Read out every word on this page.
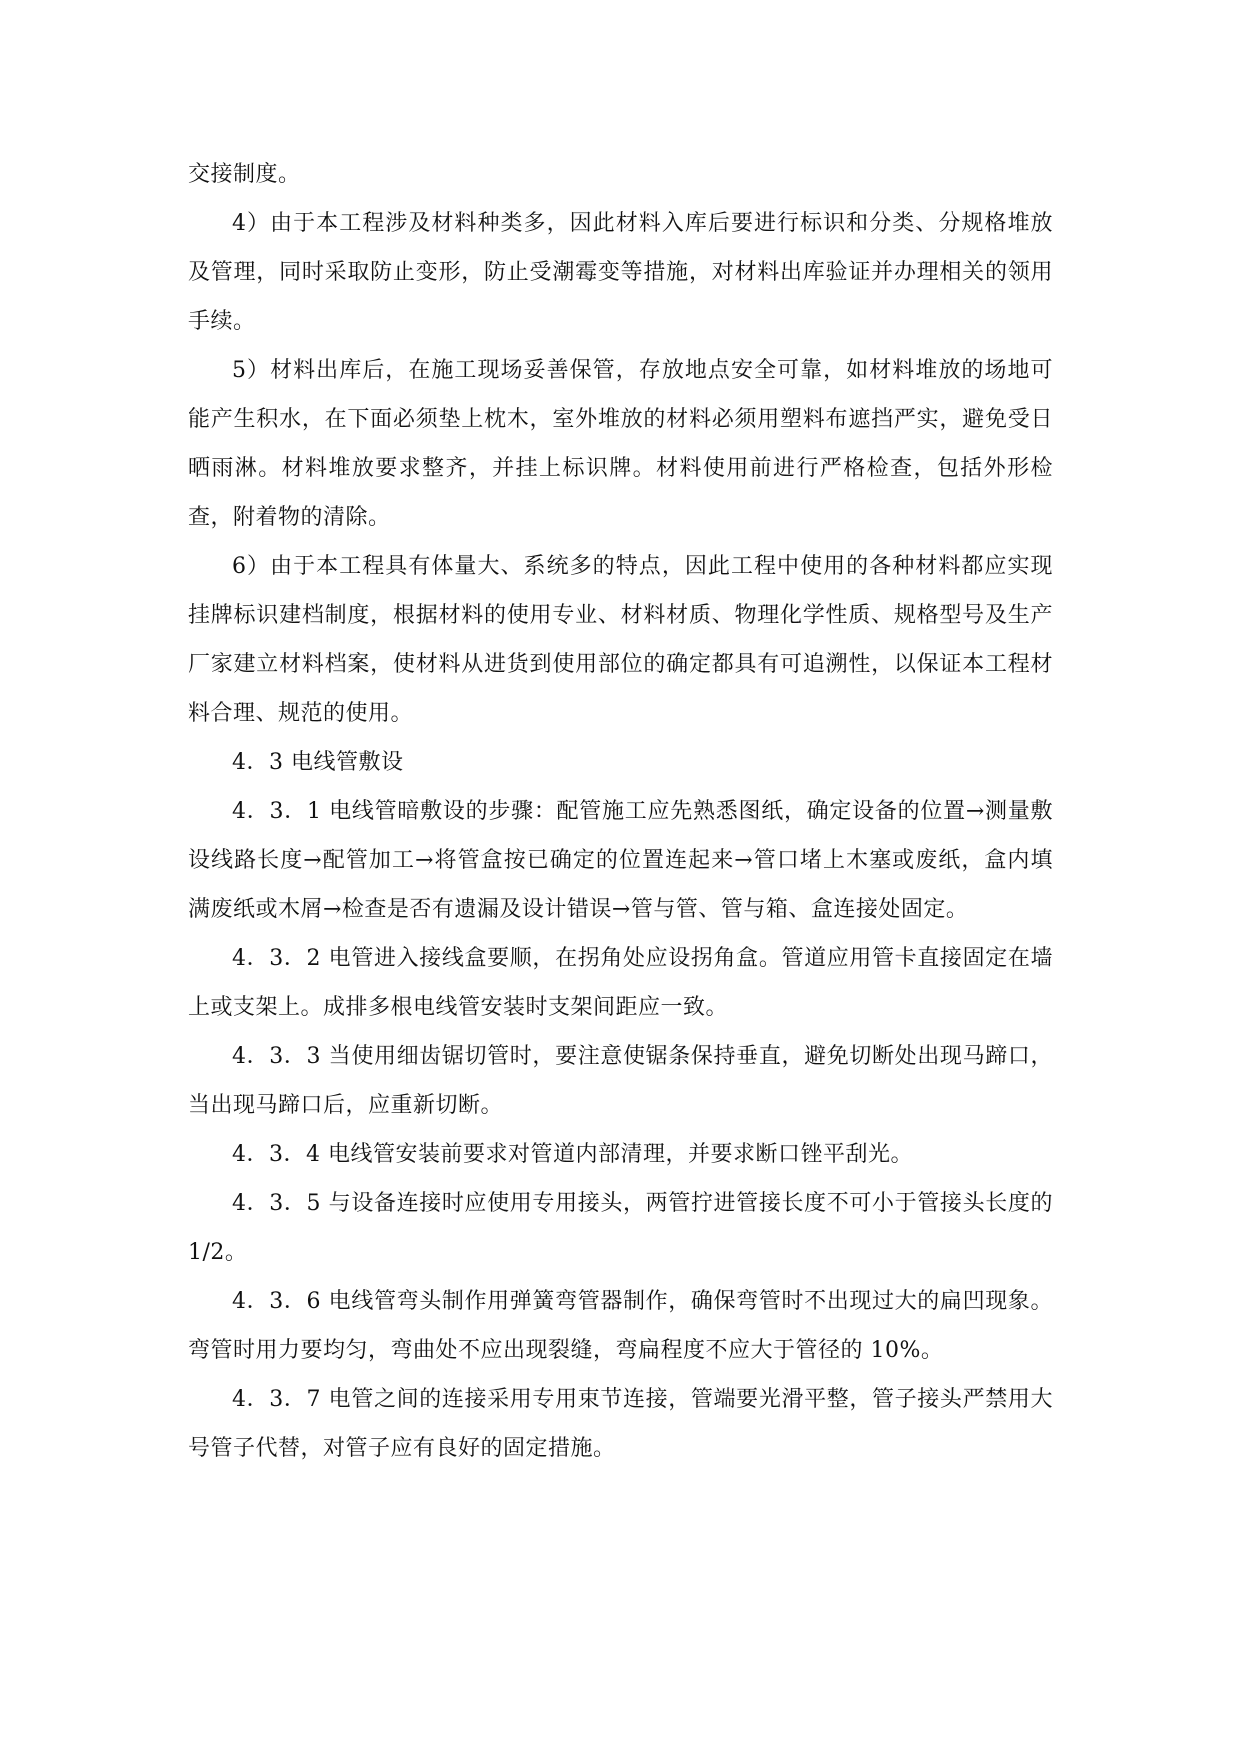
交接制度。

4）由于本工程涉及材料种类多，因此材料入库后要进行标识和分类、分规格堆放及管理，同时采取防止变形，防止受潮霉变等措施，对材料出库验证并办理相关的领用手续。

5）材料出库后，在施工现场妥善保管，存放地点安全可靠，如材料堆放的场地可能产生积水，在下面必须垫上枕木，室外堆放的材料必须用塑料布遮挡严实，避免受日晒雨淋。材料堆放要求整齐，并挂上标识牌。材料使用前进行严格检查，包括外形检查，附着物的清除。

6）由于本工程具有体量大、系统多的特点，因此工程中使用的各种材料都应实现挂牌标识建档制度，根据材料的使用专业、材料材质、物理化学性质、规格型号及生产厂家建立材料档案，使材料从进货到使用部位的确定都具有可追溯性，以保证本工程材料合理、规范的使用。

4．3 电线管敷设

4．3．1 电线管暗敷设的步骤：配管施工应先熟悉图纸，确定设备的位置→测量敷设线路长度→配管加工→将管盒按已确定的位置连起来→管口堵上木塞或废纸，盒内填满废纸或木屑→检查是否有遗漏及设计错误→管与管、管与箱、盒连接处固定。

4．3．2 电管进入接线盒要顺，在拐角处应设拐角盒。管道应用管卡直接固定在墙上或支架上。成排多根电线管安装时支架间距应一致。

4．3．3 当使用细齿锯切管时，要注意使锯条保持垂直，避免切断处出现马蹄口，当出现马蹄口后，应重新切断。

4．3．4 电线管安装前要求对管道内部清理，并要求断口锉平刮光。

4．3．5 与设备连接时应使用专用接头，两管拧进管接长度不可小于管接头长度的 1/2。

4．3．6 电线管弯头制作用弹簧弯管器制作，确保弯管时不出现过大的扁凹现象。弯管时用力要均匀，弯曲处不应出现裂缝，弯扁程度不应大于管径的 10%。

4．3．7 电管之间的连接采用专用束节连接，管端要光滑平整，管子接头严禁用大号管子代替，对管子应有良好的固定措施。
